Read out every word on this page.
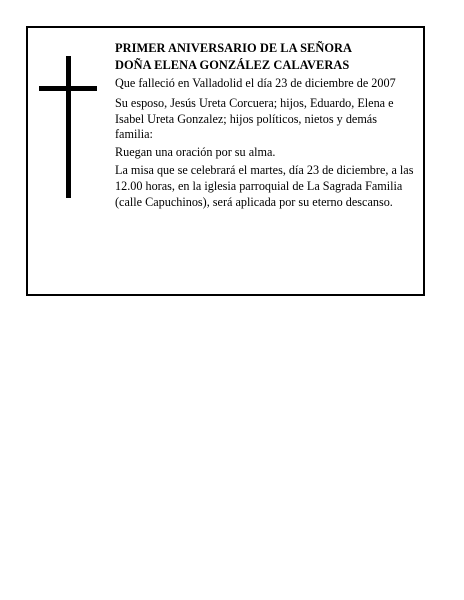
PRIMER ANIVERSARIO DE LA SEÑORA

DOÑA ELENA GONZÁLEZ CALAVERAS

Que falleció en Valladolid el día 23 de diciembre de 2007

Su esposo, Jesús Ureta Corcuera; hijos, Eduardo, Elena e Isabel Ureta Gonzalez; hijos políticos, nietos y demás familia:

Ruegan una oración por su alma.

La misa que se celebrará el martes, día 23 de diciembre, a las 12.00 horas, en la iglesia parroquial de La Sagrada Familia (calle Capuchinos), será aplicada por su eterno descanso.
